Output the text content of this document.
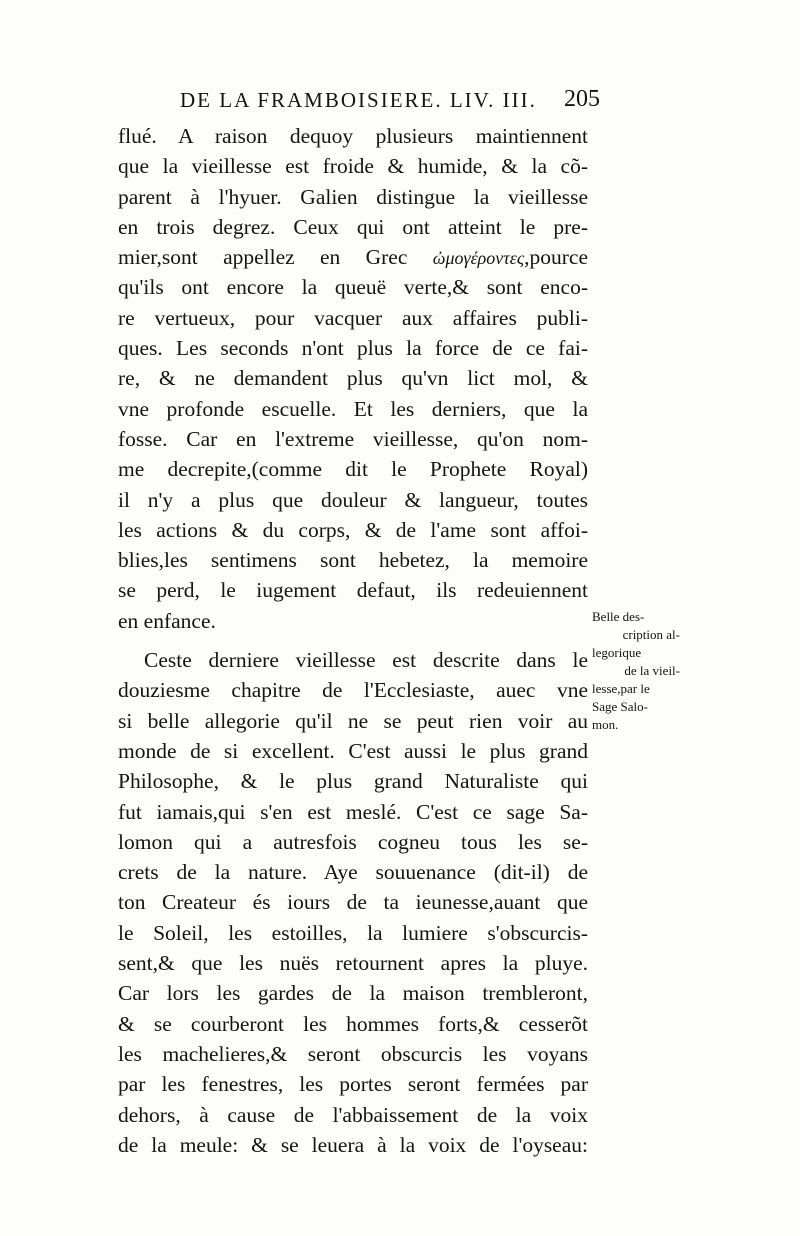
DE LA FRAMBOISIERE. LIV. III. 205
flué. A raison dequoy plusieurs maintiennent
que la vieillesse est froide & humide, & la cõ-
parent à l'hyuer. Galien distingue la vieillesse
en trois degrez. Ceux qui ont atteint le pre-
mier,sont appellez en Grec ὠμογέροντες,pource
qu'ils ont encore la queuë verte,& sont enco-
re vertueux, pour vacquer aux affaires publi-
ques. Les seconds n'ont plus la force de ce fai-
re, & ne demandent plus qu'vn lict mol, &
vne profonde escuelle. Et les derniers, que la
fosse. Car en l'extreme vieillesse, qu'on nom-
me decrepite,(comme dit le Prophete Royal)
il n'y a plus que douleur & langueur, toutes
les actions & du corps, & de l'ame sont affoi-
blies,les sentimens sont hebetez, la memoire
se perd, le iugement defaut, ils redeuiennent
en enfance.
Ceste derniere vieillesse est descrite dans le
douziesme chapitre de l'Ecclesiaste, auec vne
si belle allegorie qu'il ne se peut rien voir au
monde de si excellent. C'est aussi le plus grand
Philosophe, & le plus grand Naturaliste qui
fut iamais,qui s'en est meslé. C'est ce sage Sa-
lomon qui a autresfois cogneu tous les se-
crets de la nature. Aye souuenance (dit-il) de
ton Createur és iours de ta ieunesse,auant que
le Soleil, les estoilles, la lumiere s'obscurcis-
sent,& que les nuës retournent apres la pluye.
Car lors les gardes de la maison trembleront,
& se courberont les hommes forts,& cesserõt
les machelieres,& seront obscurcis les voyans
par les fenestres, les portes seront fermées par
dehors, à cause de l'abbaissement de la voix
de la meule: & se leuera à la voix de l'oyseau:
Belle des-
cription al-
legorique
de la vieil-
lesse,par le
Sage Salo-
mon.
